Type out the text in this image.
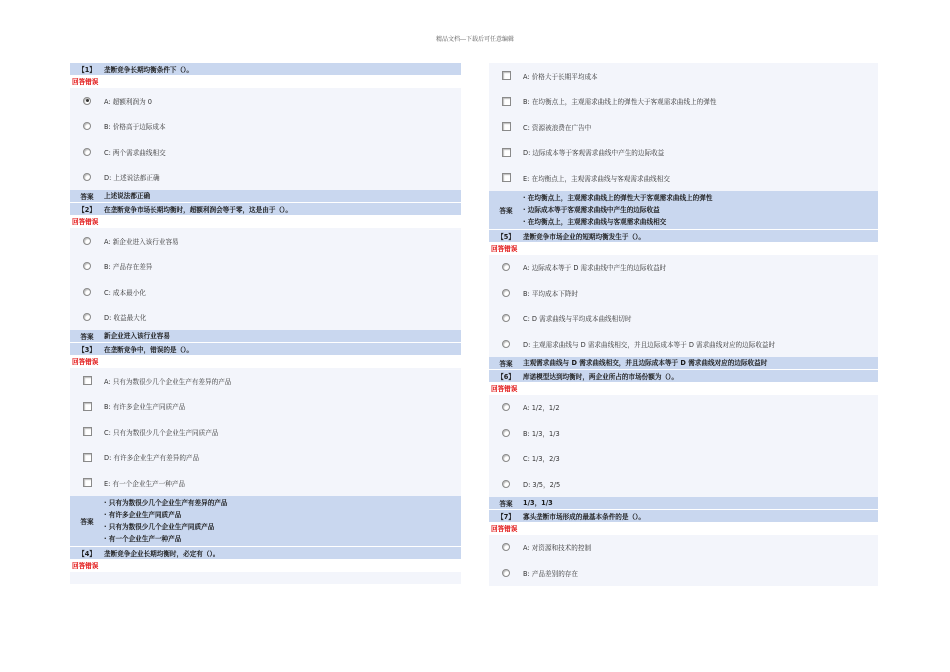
精品文档---下载后可任意编辑
【1】	垄断竞争长期均衡条件下（）。
回答错误
A: 超额利润为 0
B: 价格高于边际成本
C: 两个需求曲线相交
D: 上述说法都正确
答案	上述说法都正确
【2】	在垄断竞争市场长期均衡时，超额利润会等于零，这是由于（）。
回答错误
A: 新企业进入该行业容易
B: 产品存在差异
C: 成本最小化
D: 收益最大化
答案	新企业进入该行业容易
【3】	在垄断竞争中，错误的是（）。
回答错误
A: 只有为数很少几个企业生产有差异的产品
B: 有许多企业生产同质产品
C: 只有为数很少几个企业生产同质产品
D: 有许多企业生产有差异的产品
E: 有一个企业生产一种产品
答案
· 只有为数很少几个企业生产有差异的产品
· 有许多企业生产同质产品
· 只有为数很少几个企业生产同质产品
· 有一个企业生产一种产品
【4】	垄断竞争企业长期均衡时，必定有（）。
回答错误
A: 价格大于长期平均成本
B: 在均衡点上，主观需求曲线上的弹性大于客观需求曲线上的弹性
C: 资源被浪费在广告中
D: 边际成本等于客观需求曲线中产生的边际收益
E: 在均衡点上，主观需求曲线与客观需求曲线相交
答案
· 在均衡点上，主观需求曲线上的弹性大于客观需求曲线上的弹性
· 边际成本等于客观需求曲线中产生的边际收益
· 在均衡点上，主观需求曲线与客观需求曲线相交
【5】	垄断竞争市场企业的短期均衡发生于（）。
回答错误
A: 边际成本等于 D 需求曲线中产生的边际收益时
B: 平均成本下降时
C: D 需求曲线与平均成本曲线相切时
D: 主观需求曲线与 D 需求曲线相交，并且边际成本等于 D 需求曲线对应的边际收益时
答案	主观需求曲线与 D 需求曲线相交，并且边际成本等于 D 需求曲线对应的边际收益时
【6】	库诺模型达到均衡时，两企业所占的市场份额为（）。
回答错误
A: 1/2，1/2
B: 1/3，1/3
C: 1/3，2/3
D: 3/5，2/5
答案	1/3，1/3
【7】	寡头垄断市场形成的最基本条件的是（）。
回答错误
A: 对资源和技术的控制
B: 产品差别的存在
